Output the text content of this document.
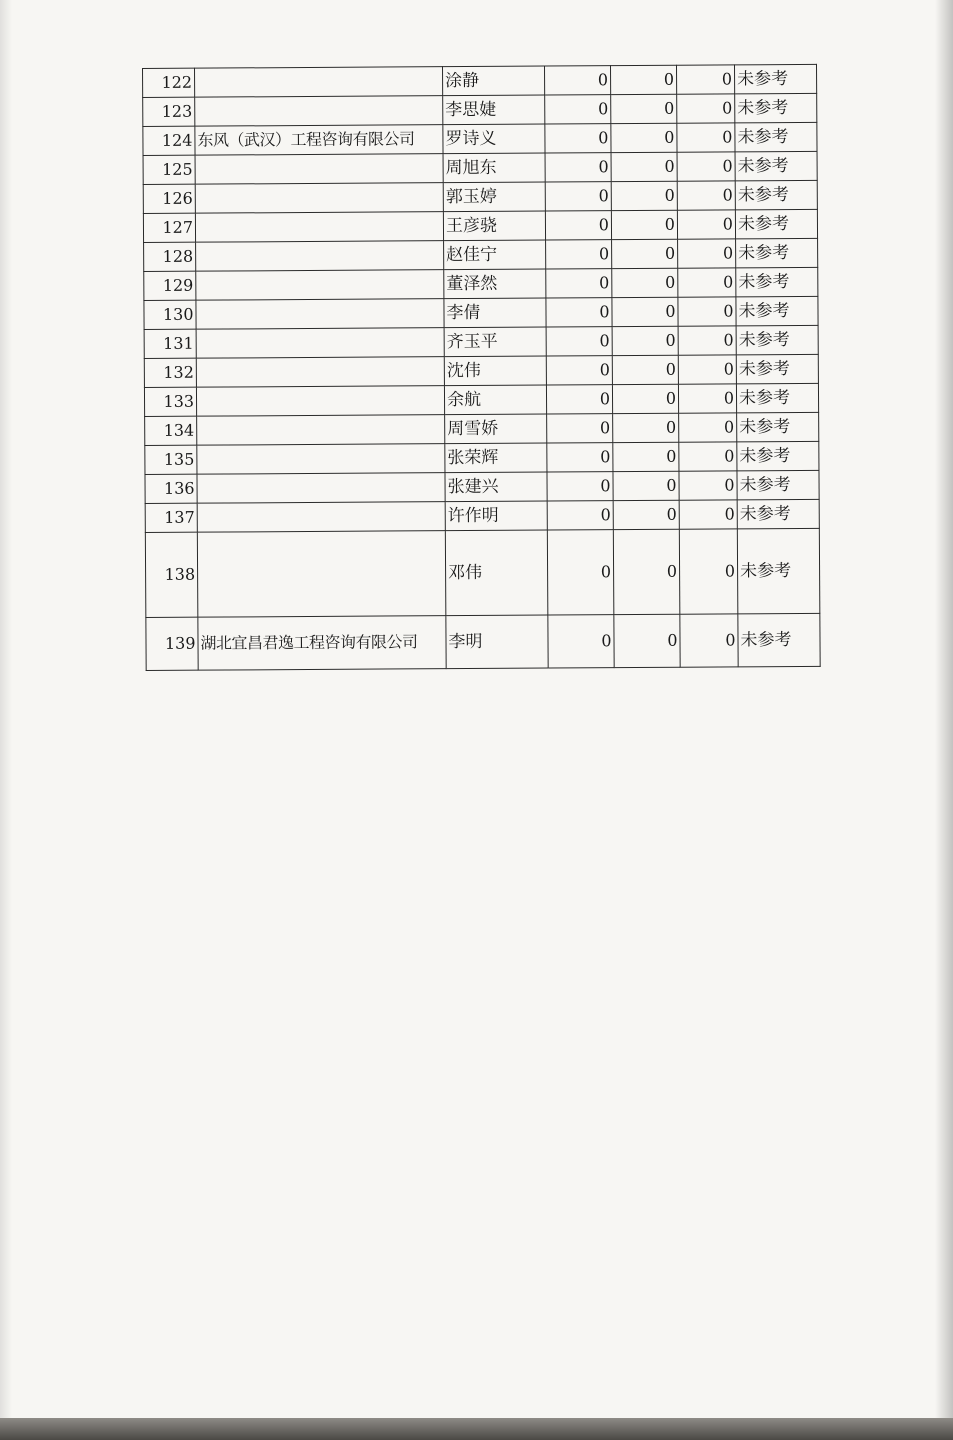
122		涂静	0	0	0	未参考
123		李思婕	0	0	0	未参考
124	东风（武汉）工程咨询有限公司	罗诗义	0	0	0	未参考
125		周旭东	0	0	0	未参考
126		郭玉婷	0	0	0	未参考
127		王彦骁	0	0	0	未参考
128		赵佳宁	0	0	0	未参考
129		董泽然	0	0	0	未参考
130		李倩	0	0	0	未参考
131		齐玉平	0	0	0	未参考
132		沈伟	0	0	0	未参考
133		余航	0	0	0	未参考
134		周雪娇	0	0	0	未参考
135		张荣辉	0	0	0	未参考
136		张建兴	0	0	0	未参考
137		许作明	0	0	0	未参考
138		邓伟	0	0	0	未参考
139	湖北宜昌君逸工程咨询有限公司	李明	0	0	0	未参考
